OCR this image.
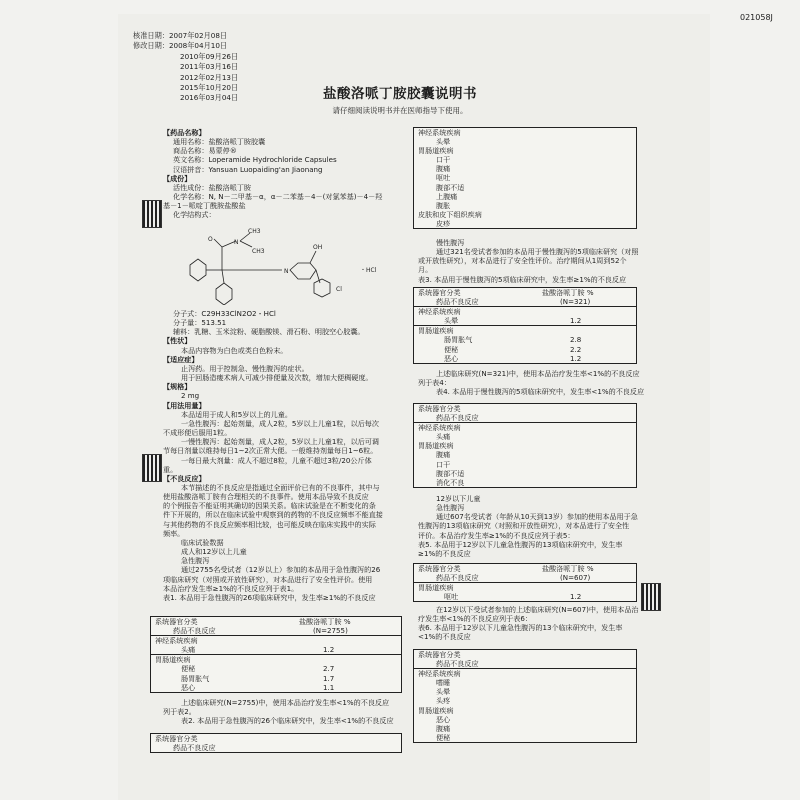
021058J
核准日期：2007年02月08日
修改日期：2008年04月10日
2010年09月26日
2011年03月16日
2012年02月13日
2015年10月20日
2016年03月04日	盐酸洛哌丁胺胶囊说明书
请仔细阅读说明书并在医师指导下使用。
【药品名称】
通用名称：盐酸洛哌丁胺胶囊
商品名称：易蒙停®
英文名称：Loperamide Hydrochloride Capsules
汉语拼音：Yansuan Luopaiding'an Jiaonang
【成份】
活性成份：盐酸洛哌丁胺
化学名称：N, N－二甲基－α，α－二苯基－4－(对氯苯基)－4－羟
基－1－哌啶丁酰胺盐酸盐
化学结构式：
O	N
CH3
CH3
OH
N
Cl
・HCl
分子式：C29H33ClN2O2・HCl
分子量：513.51
辅料：乳糖、玉米淀粉、硬脂酸镁、滑石粉、明胶空心胶囊。
【性状】
本品内容物为白色或类白色粉末。
【适应症】
止泻药。用于控制急、慢性腹泻的症状。
用于回肠造瘘术病人可减少排便量及次数，增加大便稠硬度。
【规格】
2 mg
【用法用量】
本品适用于成人和5岁以上的儿童。
一急性腹泻：起始剂量，成人2粒，5岁以上儿童1粒，以后每次
不成形便后服用1粒。
一慢性腹泻：起始剂量，成人2粒，5岁以上儿童1粒，以后可调
节每日剂量以维持每日1~2次正常大便。一般维持剂量每日1~6粒。
一每日最大剂量：成人不超过8粒，儿童不超过3粒/20公斤体
重。
【不良反应】
本节描述的不良反应是指通过全面评价已有的不良事件，其中与
使用盐酸洛哌丁胺有合理相关的不良事件。使用本品导致不良反应
的个例报告不能证明其确切的因果关系。临床试验是在不断变化的条
件下开展的，所以在临床试验中观察到的药物的不良反应频率不能直接
与其他药物的不良反应频率相比较，也可能反映在临床实践中的实际
频率。
临床试验数据
成人和12岁以上儿童
急性腹泻
通过2755名受试者（12岁以上）参加的本品用于急性腹泻的26
项临床研究（对照或开放性研究），对本品进行了安全性评价。使用
本品治疗发生率≥1%的不良反应列于表1。
表1. 本品用于急性腹泻的26项临床研究中，发生率≥1%的不良反应
系统器官分类	盐酸洛哌丁胺 %
药品不良反应	(N=2755)
神经系统疾病
头痛	1.2
胃肠道疾病
便秘	2.7
肠胃胀气	1.7
恶心	1.1
上述临床研究(N=2755)中，使用本品治疗发生率<1%的不良反应
列于表2。
表2. 本品用于急性腹泻的26个临床研究中，发生率<1%的不良反应
系统器官分类
药品不良反应
神经系统疾病
头晕
胃肠道疾病
口干
腹痛
呕吐
腹部不适
上腹痛
腹胀
皮肤和皮下组织疾病
皮疹
慢性腹泻
通过321名受试者参加的本品用于慢性腹泻的5项临床研究（对照
或开放性研究），对本品进行了安全性评价。治疗期间从1周到52个
月。
表3. 本品用于慢性腹泻的5项临床研究中，发生率≥1%的不良反应
系统器官分类	盐酸洛哌丁胺 %
药品不良反应	(N=321)
神经系统疾病
头晕	1.2
胃肠道疾病
肠胃胀气	2.8
便秘	2.2
恶心	1.2
上述临床研究(N=321)中，使用本品治疗发生率<1%的不良反应
列于表4：
表4. 本品用于慢性腹泻的5项临床研究中，发生率<1%的不良反应
系统器官分类
药品不良反应
神经系统疾病
头痛
胃肠道疾病
腹痛
口干
腹部不适
消化不良
12岁以下儿童
急性腹泻
通过607名受试者（年龄从10天到13岁）参加的使用本品用于急
性腹泻的13项临床研究（对照和开放性研究），对本品进行了安全性
评价。本品治疗发生率≥1%的不良反应列于表5：
表5. 本品用于12岁以下儿童急性腹泻的13项临床研究中，发生率
≥1%的不良反应
系统器官分类	盐酸洛哌丁胺 %
药品不良反应	(N=607)
胃肠道疾病
呕吐	1.2
在12岁以下受试者参加的上述临床研究(N=607)中，使用本品治
疗发生率<1%的不良反应列于表6：
表6. 本品用于12岁以下儿童急性腹泻的13个临床研究中，发生率
<1%的不良反应
系统器官分类
药品不良反应
神经系统疾病
嗜睡
头晕
头疼
胃肠道疾病
恶心
腹痛
便秘
